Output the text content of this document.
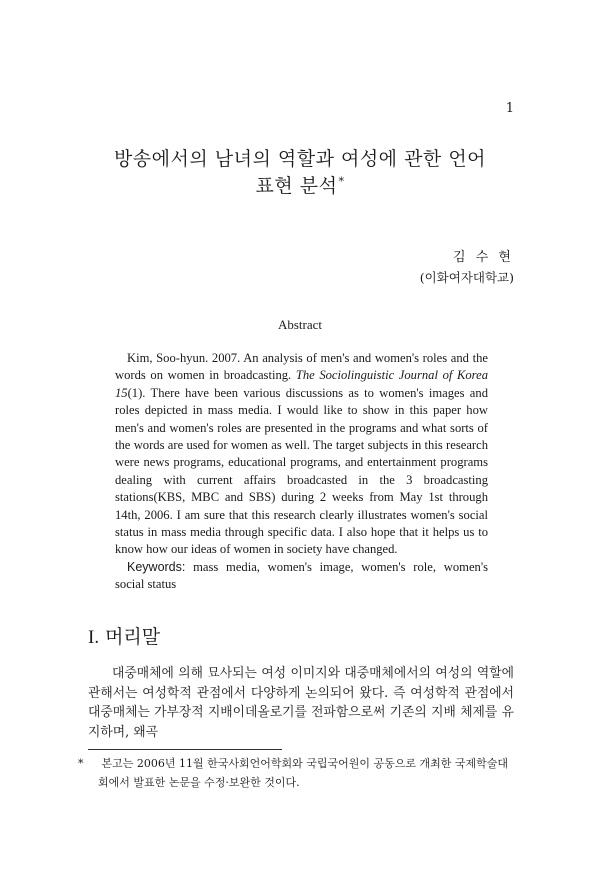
1
방송에서의 남녀의 역할과 여성에 관한 언어
표현 분석*
김 수 현
(이화여자대학교)
Abstract

Kim, Soo-hyun. 2007. An analysis of men's and women's roles and the words on women in broadcasting. The Sociolinguistic Journal of Korea 15(1). There have been various discussions as to women's images and roles depicted in mass media. I would like to show in this paper how men's and women's roles are presented in the programs and what sorts of the words are used for women as well. The target subjects in this research were news programs, educational programs, and entertainment programs dealing with current affairs broadcasted in the 3 broadcasting stations(KBS, MBC and SBS) during 2 weeks from May 1st through 14th, 2006. I am sure that this research clearly illustrates women's social status in mass media through specific data. I also hope that it helps us to know how our ideas of women in society have changed.

Keywords: mass media, women's image, women's role, women's social status

I. 머리말

대중매체에 의해 묘사되는 여성 이미지와 대중매체에서의 여성의 역할에 관해서는 여성학적 관점에서 다양하게 논의되어 왔다. 즉 여성학적 관점에서 대중매체는 가부장적 지배이데올로기를 전파함으로써 기존의 지배 체제를 유지하며, 왜곡

* 본고는 2006년 11월 한국사회언어학회와 국립국어원이 공동으로 개최한 국제학술대회에서 발표한 논문을 수정·보완한 것이다.
